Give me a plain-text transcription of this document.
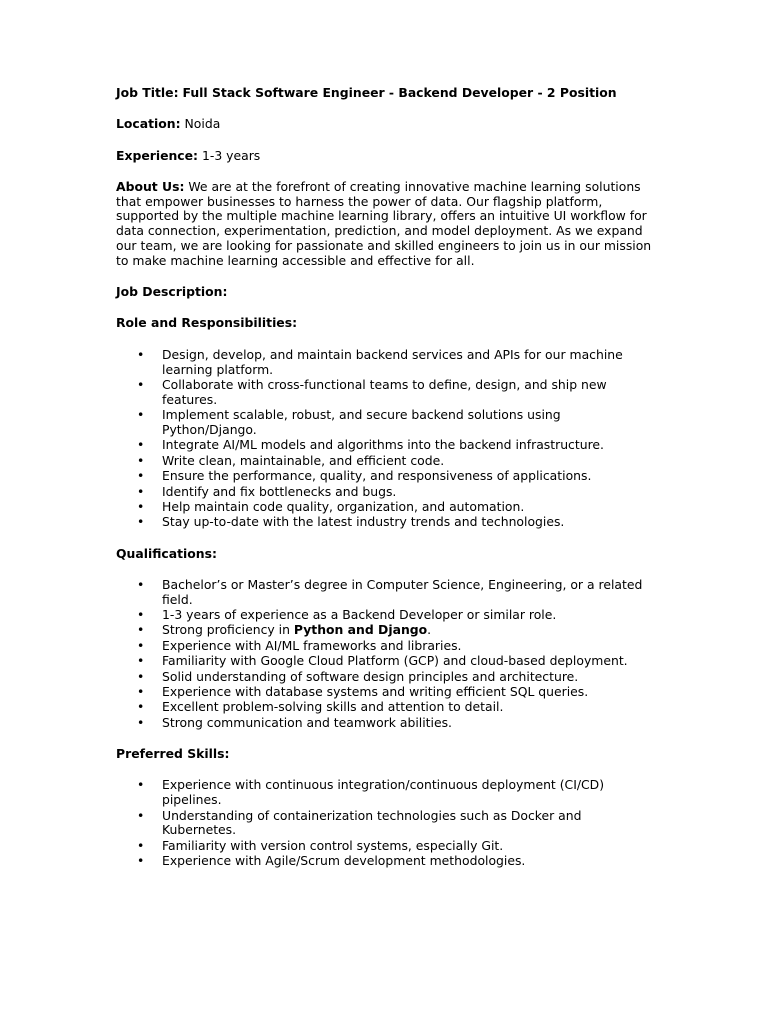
Job Title: Full Stack Software Engineer - Backend Developer - 2 Position

Location: Noida

Experience: 1-3 years

About Us: We are at the forefront of creating innovative machine learning solutions that empower businesses to harness the power of data. Our flagship platform, supported by the multiple machine learning library, offers an intuitive UI workflow for data connection, experimentation, prediction, and model deployment. As we expand our team, we are looking for passionate and skilled engineers to join us in our mission to make machine learning accessible and effective for all.

Job Description:

Role and Responsibilities:

• Design, develop, and maintain backend services and APIs for our machine learning platform.
• Collaborate with cross-functional teams to define, design, and ship new features.
• Implement scalable, robust, and secure backend solutions using Python/Django.
• Integrate AI/ML models and algorithms into the backend infrastructure.
• Write clean, maintainable, and efficient code.
• Ensure the performance, quality, and responsiveness of applications.
• Identify and fix bottlenecks and bugs.
• Help maintain code quality, organization, and automation.
• Stay up-to-date with the latest industry trends and technologies.

Qualifications:

• Bachelor’s or Master’s degree in Computer Science, Engineering, or a related field.
• 1-3 years of experience as a Backend Developer or similar role.
• Strong proficiency in Python and Django.
• Experience with AI/ML frameworks and libraries.
• Familiarity with Google Cloud Platform (GCP) and cloud-based deployment.
• Solid understanding of software design principles and architecture.
• Experience with database systems and writing efficient SQL queries.
• Excellent problem-solving skills and attention to detail.
• Strong communication and teamwork abilities.

Preferred Skills:

• Experience with continuous integration/continuous deployment (CI/CD) pipelines.
• Understanding of containerization technologies such as Docker and Kubernetes.
• Familiarity with version control systems, especially Git.
• Experience with Agile/Scrum development methodologies.
